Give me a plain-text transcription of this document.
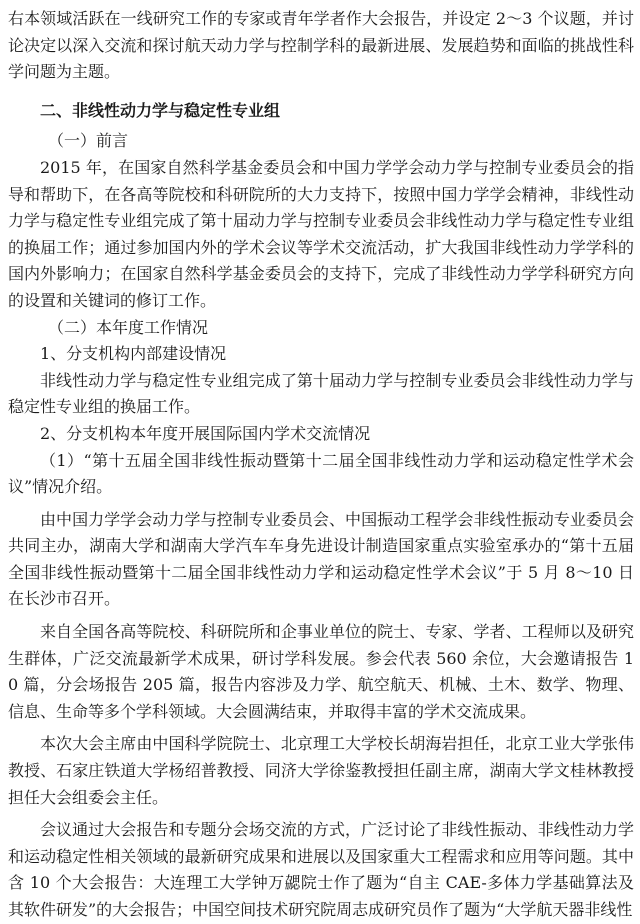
右本领域活跃在一线研究工作的专家或青年学者作大会报告，并设定 2～3 个议题，并讨论决定以深入交流和探讨航天动力学与控制学科的最新进展、发展趋势和面临的挑战性科学问题为主题。

二、非线性动力学与稳定性专业组

（一）前言

2015 年，在国家自然科学基金委员会和中国力学学会动力学与控制专业委员会的指导和帮助下，在各高等院校和科研院所的大力支持下，按照中国力学学会精神，非线性动力学与稳定性专业组完成了第十届动力学与控制专业委员会非线性动力学与稳定性专业组的换届工作；通过参加国内外的学术会议等学术交流活动，扩大我国非线性动力学学科的国内外影响力；在国家自然科学基金委员会的支持下，完成了非线性动力学学科研究方向的设置和关键词的修订工作。

（二）本年度工作情况

1、分支机构内部建设情况

非线性动力学与稳定性专业组完成了第十届动力学与控制专业委员会非线性动力学与稳定性专业组的换届工作。

2、分支机构本年度开展国际国内学术交流情况

（1）“第十五届全国非线性振动暨第十二届全国非线性动力学和运动稳定性学术会议”情况介绍。

由中国力学学会动力学与控制专业委员会、中国振动工程学会非线性振动专业委员会共同主办，湖南大学和湖南大学汽车车身先进设计制造国家重点实验室承办的“第十五届全国非线性振动暨第十二届全国非线性动力学和运动稳定性学术会议”于 5 月 8～10 日在长沙市召开。

来自全国各高等院校、科研院所和企事业单位的院士、专家、学者、工程师以及研究生群体，广泛交流最新学术成果，研讨学科发展。参会代表 560 余位，大会邀请报告 10 篇，分会场报告 205 篇，报告内容涉及力学、航空航天、机械、土木、数学、物理、信息、生命等多个学科领域。大会圆满结束，并取得丰富的学术交流成果。

本次大会主席由中国科学院院士、北京理工大学校长胡海岩担任，北京工业大学张伟教授、石家庄铁道大学杨绍普教授、同济大学徐鉴教授担任副主席，湖南大学文桂林教授担任大会组委会主任。

会议通过大会报告和专题分会场交流的方式，广泛讨论了非线性振动、非线性动力学和运动稳定性相关领域的最新研究成果和进展以及国家重大工程需求和应用等问题。其中含 10 个大会报告：大连理工大学钟万勰院士作了题为“自主 CAE-多体力学基础算法及其软件研发”的大会报告；中国空间技术研究院周志成研究员作了题为“大学航天器非线性
